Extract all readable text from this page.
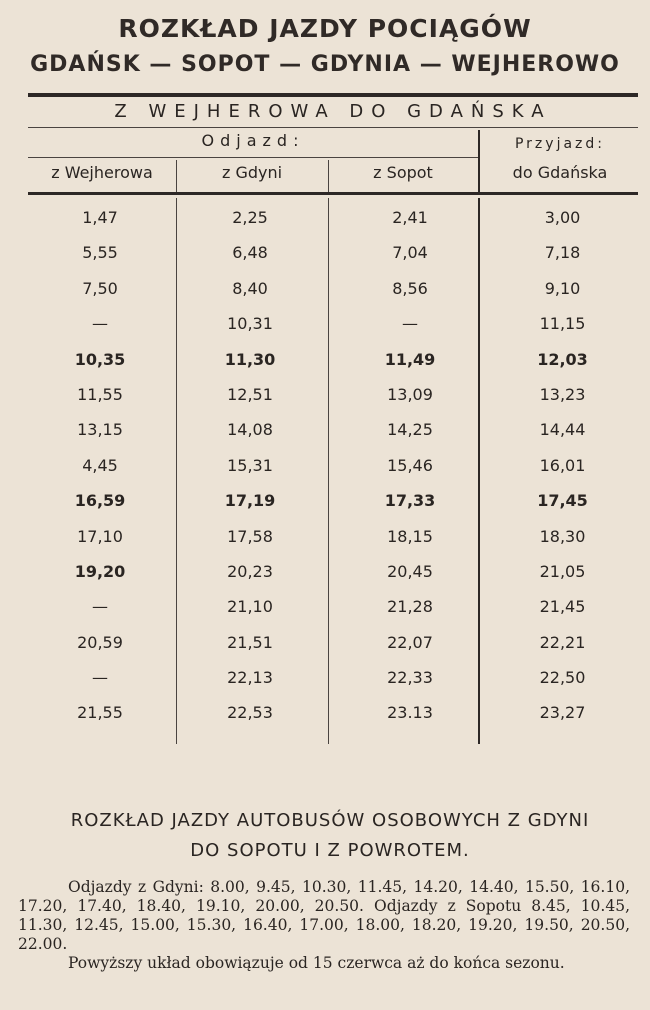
ROZKŁAD JAZDY POCIĄGÓW
GDAŃSK — SOPOT — GDYNIA — WEJHEROWO
Z WEJHEROWA DO GDAŃSKA
Odjazd:	Przyjazd:
z Wejherowa	z Gdyni	z Sopot	do Gdańska
1,47	2,25	2,41	3,00
5,55	6,48	7,04	7,18
7,50	8,40	8,56	9,10
—	10,31	—	11,15
10,35	11,30	11,49	12,03
11,55	12,51	13,09	13,23
13,15	14,08	14,25	14,44
4,45	15,31	15,46	16,01
16,59	17,19	17,33	17,45
17,10	17,58	18,15	18,30
19,20	20,23	20,45	21,05
—	21,10	21,28	21,45
20,59	21,51	22,07	22,21
—	22,13	22,33	22,50
21,55	22,53	23.13	23,27
ROZKŁAD JAZDY AUTOBUSÓW OSOBOWYCH Z GDYNI
DO SOPOTU I Z POWROTEM.

Odjazdy z Gdyni: 8.00, 9.45, 10.30, 11.45, 14.20, 14.40, 15.50, 16.10, 17.20, 17.40, 18.40, 19.10, 20.00, 20.50. Odjazdy z Sopotu 8.45, 10.45, 11.30, 12.45, 15.00, 15.30, 16.40, 17.00, 18.00, 18.20, 19.20, 19.50, 20.50, 22.00.

Powyższy układ obowiązuje od 15 czerwca aż do końca sezonu.
